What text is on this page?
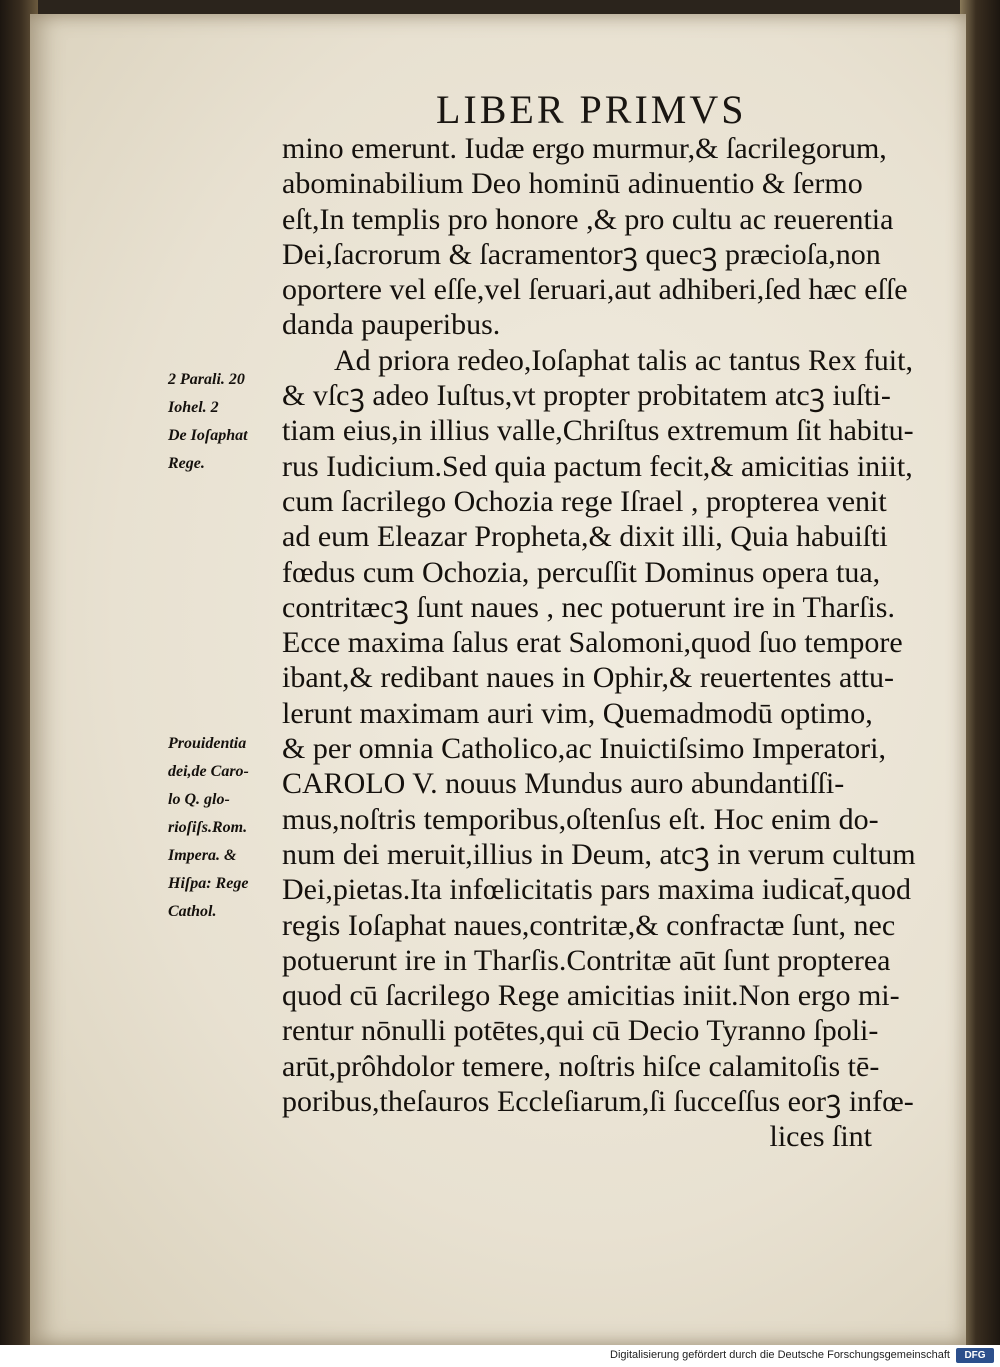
LIBER PRIMVS
mino emerunt. Iudæ ergo murmur,& ſacrilegorum,
abominabilium Deo hominū adinuentio & ſermo
eſt,In templis pro honore ,& pro cultu ac reuerentia
Dei,ſacrorum & ſacramentorꝫ quecꝫ præcioſa,non
oportere vel eſſe,vel ſeruari,aut adhiberi,ſed hæc eſſe
danda pauperibus.
Ad priora redeo,Ioſaphat talis ac tantus Rex fuit,
& vſcꝫ adeo Iuſtus,vt propter probitatem atcꝫ iuſti-
tiam eius,in illius valle,Chriſtus extremum ſit habitu-
rus Iudicium.Sed quia pactum fecit,& amicitias iniit,
cum ſacrilego Ochozia rege Iſrael , propterea venit
ad eum Eleazar Propheta,& dixit illi, Quia habuiſti
fœdus cum Ochozia, percuſſit Dominus opera tua,
contritæcꝫ ſunt naues , nec potuerunt ire in Tharſis.
Ecce maxima ſalus erat Salomoni,quod ſuo tempore
ibant,& redibant naues in Ophir,& reuertentes attu-
lerunt maximam auri vim, Quemadmodū optimo,
& per omnia Catholico,ac Inuictiſsimo Imperatori,
CAROLO V. nouus Mundus auro abundantiſſi-
mus,noſtris temporibus,oſtenſus eſt. Hoc enim do-
num dei meruit,illius in Deum, atcꝫ in verum cultum
Dei,pietas.Ita infœlicitatis pars maxima iudicat̄,quod
regis Ioſaphat naues,contritæ,& confractæ ſunt, nec
potuerunt ire in Tharſis.Contritæ aūt ſunt propterea
quod cū ſacrilego Rege amicitias iniit.Non ergo mi-
rentur nōnulli potētes,qui cū Decio Tyranno ſpoli-
arūt,prôhdolor temere, noſtris hiſce calamitoſis tē-
poribus,theſauros Eccleſiarum,ſi ſucceſſus eorꝫ infœ-
lices ſint
2 Parali. 20
Iohel. 2
De Ioſaphat
Rege.
Prouidentia
dei,de Caro-
lo Q. glo-
rioſiſs.Rom.
Impera. &
Hiſpa: Rege
Cathol.
Digitalisierung gefördert durch die Deutsche Forschungsgemeinschaft	DFG
